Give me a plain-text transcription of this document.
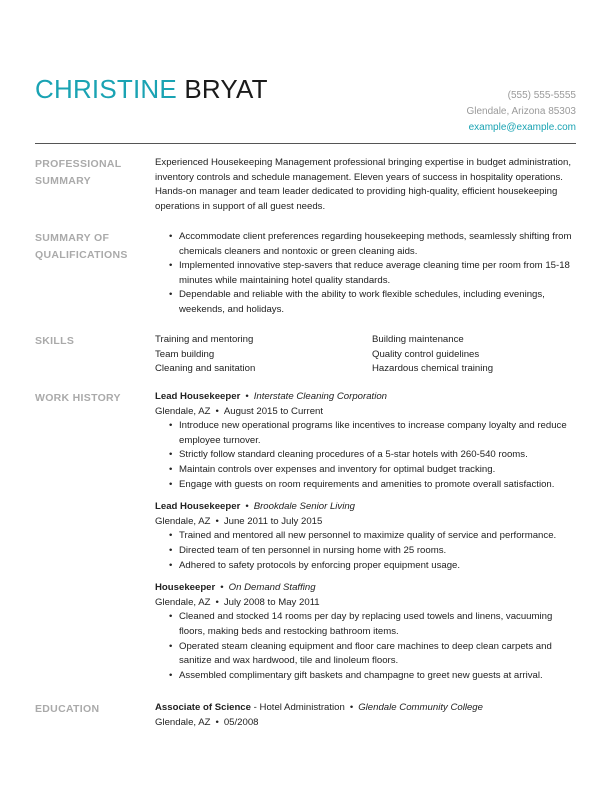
CHRISTINE BRYAT	(555) 555-5555
Glendale, Arizona 85303
example@example.com
PROFESSIONAL
SUMMARY
Experienced Housekeeping Management professional bringing expertise in budget administration, inventory controls and schedule management. Eleven years of success in hospitality operations. Hands-on manager and team leader dedicated to providing high-quality, efficient housekeeping operations in support of all guest needs.
SUMMARY OF
QUALIFICATIONS
• Accommodate client preferences regarding housekeeping methods, seamlessly shifting from chemicals cleaners and nontoxic or green cleaning aids.
• Implemented innovative step-savers that reduce average cleaning time per room from 15-18 minutes while maintaining hotel quality standards.
• Dependable and reliable with the ability to work flexible schedules, including evenings, weekends, and holidays.
SKILLS	Training and mentoring	Building maintenance
Team building	Quality control guidelines
Cleaning and sanitation	Hazardous chemical training
WORK HISTORY	Lead Housekeeper • Interstate Cleaning Corporation
Glendale, AZ • August 2015 to Current
• Introduce new operational programs like incentives to increase company loyalty and reduce employee turnover.
• Strictly follow standard cleaning procedures of a 5-star hotels with 260-540 rooms.
• Maintain controls over expenses and inventory for optimal budget tracking.
• Engage with guests on room requirements and amenities to promote overall satisfaction.
Lead Housekeeper • Brookdale Senior Living
Glendale, AZ • June 2011 to July 2015
• Trained and mentored all new personnel to maximize quality of service and performance.
• Directed team of ten personnel in nursing home with 25 rooms.
• Adhered to safety protocols by enforcing proper equipment usage.
Housekeeper • On Demand Staffing
Glendale, AZ • July 2008 to May 2011
• Cleaned and stocked 14 rooms per day by replacing used towels and linens, vacuuming floors, making beds and restocking bathroom items.
• Operated steam cleaning equipment and floor care machines to deep clean carpets and sanitize and wax hardwood, tile and linoleum floors.
• Assembled complimentary gift baskets and champagne to greet new guests at arrival.
EDUCATION	Associate of Science - Hotel Administration • Glendale Community College
Glendale, AZ • 05/2008
